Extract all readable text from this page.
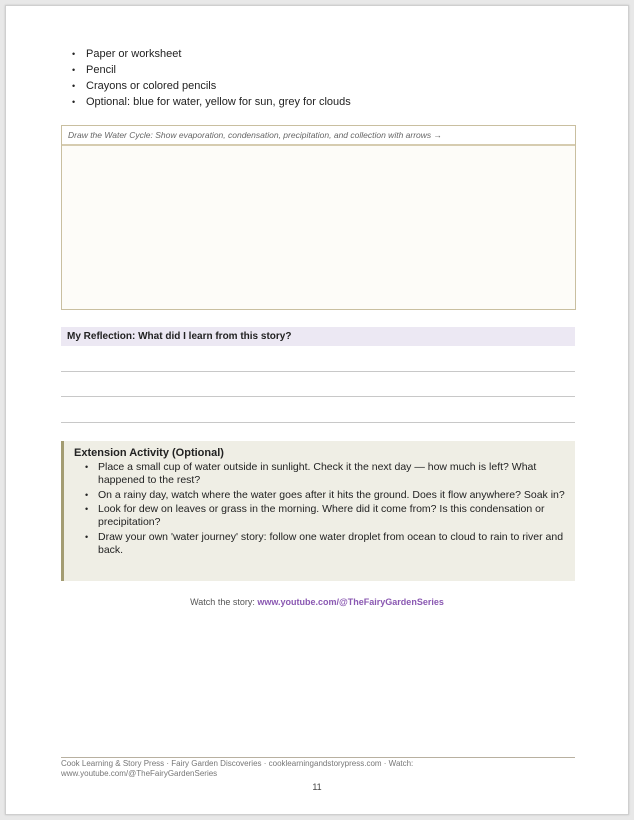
• Paper or worksheet
• Pencil
• Crayons or colored pencils
• Optional: blue for water, yellow for sun, grey for clouds
Draw the Water Cycle: Show evaporation, condensation, precipitation, and collection with arrows →
My Reflection: What did I learn from this story?
Extension Activity (Optional)
• Place a small cup of water outside in sunlight. Check it the next day — how much is left? What happened to the rest?
• On a rainy day, watch where the water goes after it hits the ground. Does it flow anywhere? Soak in?
• Look for dew on leaves or grass in the morning. Where did it come from? Is this condensation or precipitation?
• Draw your own 'water journey' story: follow one water droplet from ocean to cloud to rain to river and back.
Watch the story: www.youtube.com/@TheFairyGardenSeries
Cook Learning & Story Press · Fairy Garden Discoveries · cooklearningandstorypress.com · Watch: www.youtube.com/@TheFairyGardenSeries
11
